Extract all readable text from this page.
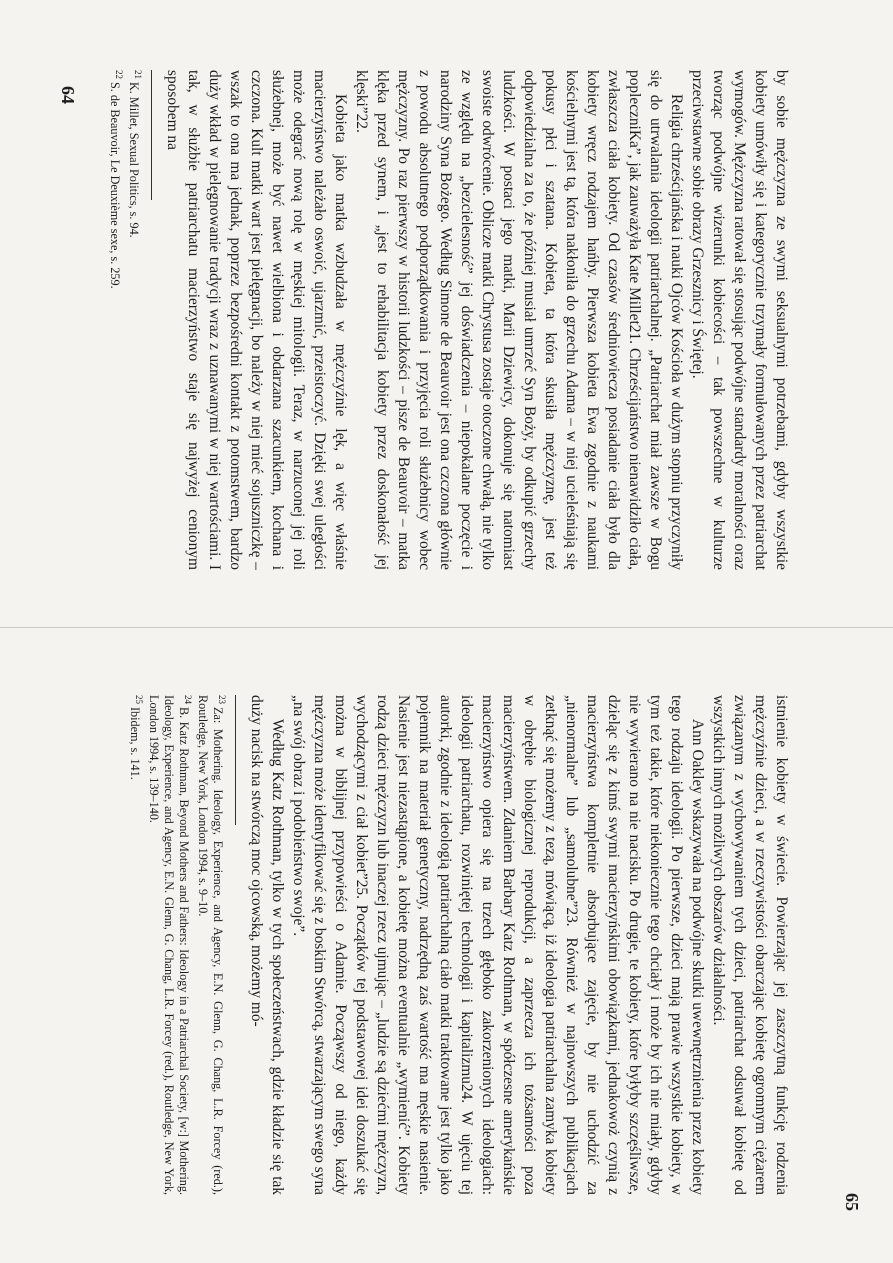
by sobie mężczyzna ze swymi seksualnymi potrzebami, gdyby wszystkie kobiety umówiły się i kategorycznie trzymały formułowanych przez patriarchat wymogów. Mężczyzna ratował się stosując podwójne standardy moralności oraz tworząc podwójne wizerunki kobiecości – tak powszechne w kulturze przeciwstawne sobie obrazy Grzesznicy i Świętej.

Religia chrześcijańska i nauki Ojców Kościoła w dużym stopniu przyczyniły się do utrwalania ideologii patriarchalnej. „Patriarchat miał zawsze w Bogu popleczniKa”, jak zauważyła Kate Millet21. Chrześcijaństwo nienawidziło ciała, zwłaszcza ciała kobiety. Od czasów średniowiecza posiadanie ciała było dla kobiety wręcz rodzajem hańby. Pierwsza kobieta Ewa zgodnie z naukami kościelnymi jest tą, która nakłoniła do grzechu Adama – w niej ucieleśniają się pokusy płci i szatana. Kobieta, ta która skusiła mężczyznę, jest też odpowiedzialna za to, że później musiał umrzeć Syn Boży, by odkupić grzechy ludzkości. W postaci jego matki, Marii Dziewicy, dokonuje się natomiast swoiste odwrócenie. Oblicze matki Chrystusa zostaje otoczone chwałą, nie tylko ze względu na „bezcielesność” jej doświadczenia – niepokalane poczęcie i narodziny Syna Bożego. Według Simone de Beauvoir jest ona czczona głównie z powodu absolutnego podporządkowania i przyjęcia roli służebnicy wobec mężczyzny. Po raz pierwszy w historii ludzkości – pisze de Beauvoir – matka klęka przed synem, i „jest to rehabilitacja kobiety przez doskonałość jej klęski”22.

Kobieta jako matka wzbudzała w mężczyźnie lęk, a więc właśnie macierzyństwo należało oswoić, ujarzmić, przeistoczyć. Dzięki swej uległości może odegrać nową rolę w męskiej mitologii. Teraz, w narzuconej jej roli służebnej, może być nawet wielbiona i obdarzana szacunkiem, kochana i czczona. Kult matki wart jest pielęgnacji, bo należy w niej mieć sojuszniczkę – wszak to ona ma jednak, poprzez bezpośredni kontakt z potomstwem, bardzo duży wkład w pielęgnowanie tradycji wraz z uznawanymi w niej wartościami. I tak, w służbie patriarchatu macierzyństwo staje się najwyżej cenionym sposobem na

$^{21}$K. Millet, Sexual Politics, s. 94.

$^{22}$S. de Beauvoir, Le Deuxième sexe, s. 259.

64

istnienie kobiety w świecie. Powierzając jej zaszczytną funkcję rodzenia mężczyźnie dzieci, a w rzeczywistości obarczając kobietę ogromnym ciężarem związanym z wychowywaniem tych dzieci, patriarchat odsuwał kobietę od wszystkich innych możliwych obszarów działalności.

Ann Oakley wskazywała na podwójne skutki uwewnętrznienia przez kobiety tego rodzaju ideologii. Po pierwsze, dzieci mają prawie wszystkie kobiety, w tym też takie, które niekoniecznie tego chciały i może by ich nie miały, gdyby nie wywierano na nie nacisku. Po drugie, te kobiety, które byłyby szczęśliwsze, dzieląc się z kimś swymi macierzyńskimi obowiązkami, jednakowoż czynią z macierzyństwa kompletnie absorbujące zajęcie, by nie uchodzić za „nienormalne” lub „samolubne”23. Również w najnowszych publikacjach zetknąć się możemy z tezą, mówiącą, iż ideologia patriarchalna zamyka kobiety w obrębie biologicznej reprodukcji, a zaprzecza ich tożsamości poza macierzyństwem. Zdaniem Barbary Katz Rothman, w spółczesne amerykańskie macierzyństwo opiera się na trzech głęboko zakorzenionych ideologiach: ideologii patriarchatu, rozwiniętej technologii i kapitalizmu24. W ujęciu tej autorki, zgodnie z ideologią patriarchalną ciało matki traktowane jest tylko jako pojemnik na materiał genetyczny, nadrzędną zaś wartość ma męskie nasienie. Nasienie jest niezastąpione, a kobietę można eventualnie „wymienić”. Kobiety rodzą dzieci mężczyzn lub inaczej rzecz ujmując – „ludzie są dziećmi mężczyzn, wychodzącymi z ciał kobiet”25. Początków tej podstawowej idei doszukać się można w biblijnej przypowieści o Adamie. Począwszy od niego, każdy mężczyzna może identyfikować się z boskim Stwórcą, stwarzającym swego syna „na swój obraz i podobieństwo swoje”.

Według Katz Rothman, tylko w tych społeczeństwach, gdzie kładzie się tak duży nacisk na stwórczą moc ojcowską, możemy mó-

$^{23}$Za: Mothering. Ideology, Experience, and Agency, E.N. Glenn, G. Chang, L.R. Forcey (red.), Routledge, New York, London 1994, s. 9–10.

$^{24}$B. Katz Rothman, Beyond Mothers and Fathers: Ideology in a Patriarchal Society, [w:] Mothering. Ideology, Experience, and Agency, E.N. Glenn, G. Chang, L.R. Forcey (red.), Routledge, New York, London 1994, s. 139–140.

$^{25}$Ibidem, s. 141.

65
